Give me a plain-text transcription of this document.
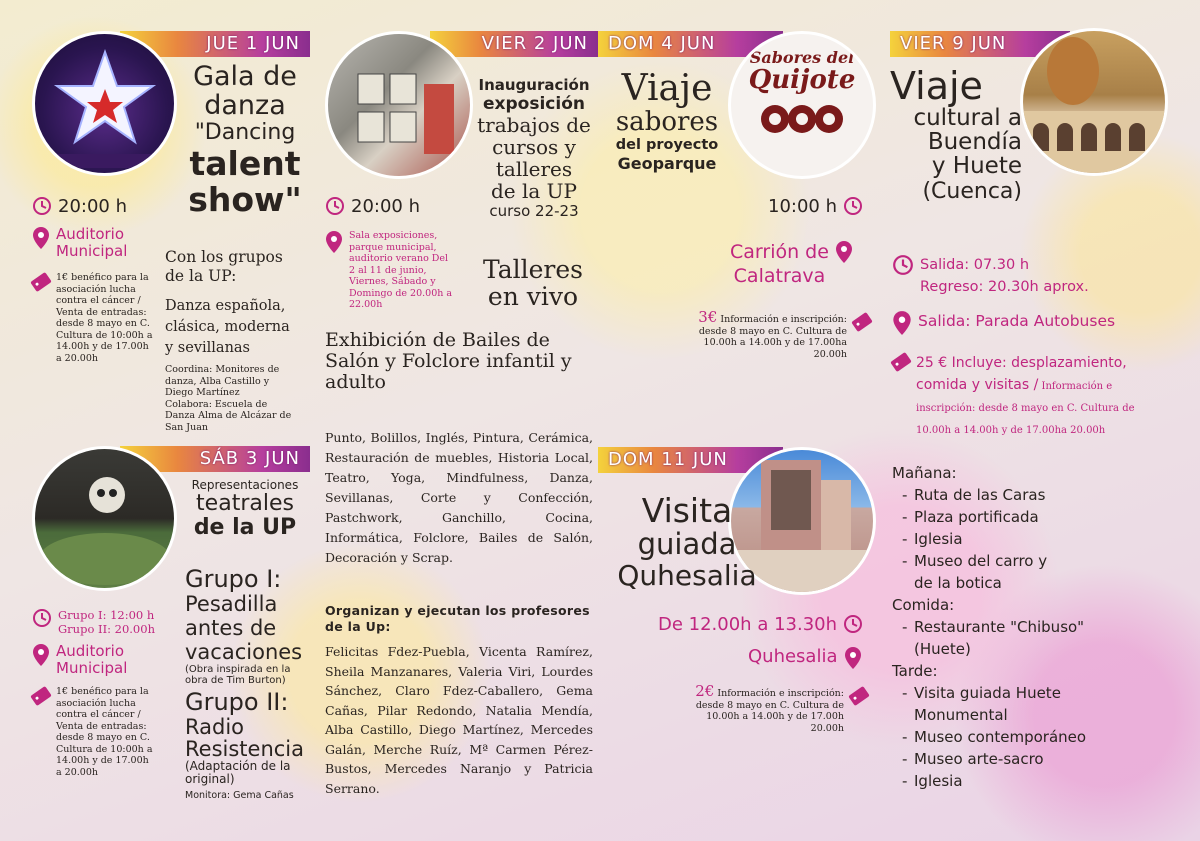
JUE 1 JUN
Gala de
danza
"Dancing
talent
show"
20:00 h
Auditorio
Municipal
1€ benéfico para la asociación lucha contra el cáncer / Venta de entradas: desde 8 mayo en C. Cultura de 10:00h a 14.00h y de 17.00h a 20.00h
Con los grupos
de la UP:
Danza española,
clásica, moderna
y sevillanas
Coordina: Monitores de danza, Alba Castillo y Diego Martínez
Colabora: Escuela de Danza Alma de Alcázar de San Juan
SÁB 3 JUN
Representaciones
teatrales
de la UP
Grupo I:
Pesadilla
antes de
vacaciones
(Obra inspirada en la
obra de Tim Burton)
Grupo II:
Radio
Resistencia
(Adaptación de la
original)
Monitora: Gema Cañas
Grupo I: 12:00 h
Grupo II: 20.00h
Auditorio
Municipal
1€ benéfico para la asociación lucha contra el cáncer / Venta de entradas: desde 8 mayo en C. Cultura de 10:00h a 14.00h y de 17.00h a 20.00h
VIER 2 JUN
Inauguración
exposición
trabajos de
cursos y
talleres
de la UP
curso 22-23
20:00 h
Sala exposiciones, parque municipal, auditorio verano Del 2 al 11 de junio, Viernes, Sábado y Domingo de 20.00h a 22.00h
Talleres
en vivo
Exhibición de Bailes de Salón y Folclore infantil y adulto
Punto, Bolillos, Inglés, Pintura, Cerámica, Restauración de muebles, Historia Local, Teatro, Yoga, Mindfulness, Danza, Sevillanas, Corte y Confección, Pastchwork, Ganchillo, Cocina, Informática, Folclore, Bailes de Salón, Decoración y Scrap.
Organizan y ejecutan los profesores de la Up:
Felicitas Fdez-Puebla, Vicenta Ramírez, Sheila Manzanares, Valeria Viri, Lourdes Sánchez, Claro Fdez-Caballero, Gema Cañas, Pilar Redondo, Natalia Mendía, Alba Castillo, Diego Martínez, Mercedes Galán, Merche Ruíz, Mª Carmen Pérez-Bustos, Mercedes Naranjo y Patricia Serrano.
DOM 4 JUN
Sabores del
Quijote
Viaje
sabores
del proyecto
Geoparque
10:00 h
Carrión de
Calatrava
3€ Información e inscripción: desde 8 mayo en C. Cultura de 10.00h a 14.00h y de 17.00ha 20.00h
DOM 11 JUN
Visita
guiada
Quhesalia
De 12.00h a 13.30h
Quhesalia
2€ Información e inscripción: desde 8 mayo en C. Cultura de 10.00h a 14.00h y de 17.00h 20.00h
VIER 9 JUN
Viaje
cultural a
Buendía
y Huete
(Cuenca)
Salida: 07.30 h
Regreso: 20.30h aprox.
Salida: Parada Autobuses
25 € Incluye: desplazamiento, comida y visitas / Información e inscripción: desde 8 mayo en C. Cultura de 10.00h a 14.00h y de 17.00ha 20.00h
Mañana:
- Ruta de las Caras
- Plaza portificada
- Iglesia
- Museo del carro y
de la botica
Comida:
- Restaurante "Chibuso"
(Huete)
Tarde:
- Visita guiada Huete
Monumental
- Museo contemporáneo
- Museo arte-sacro
- Iglesia
